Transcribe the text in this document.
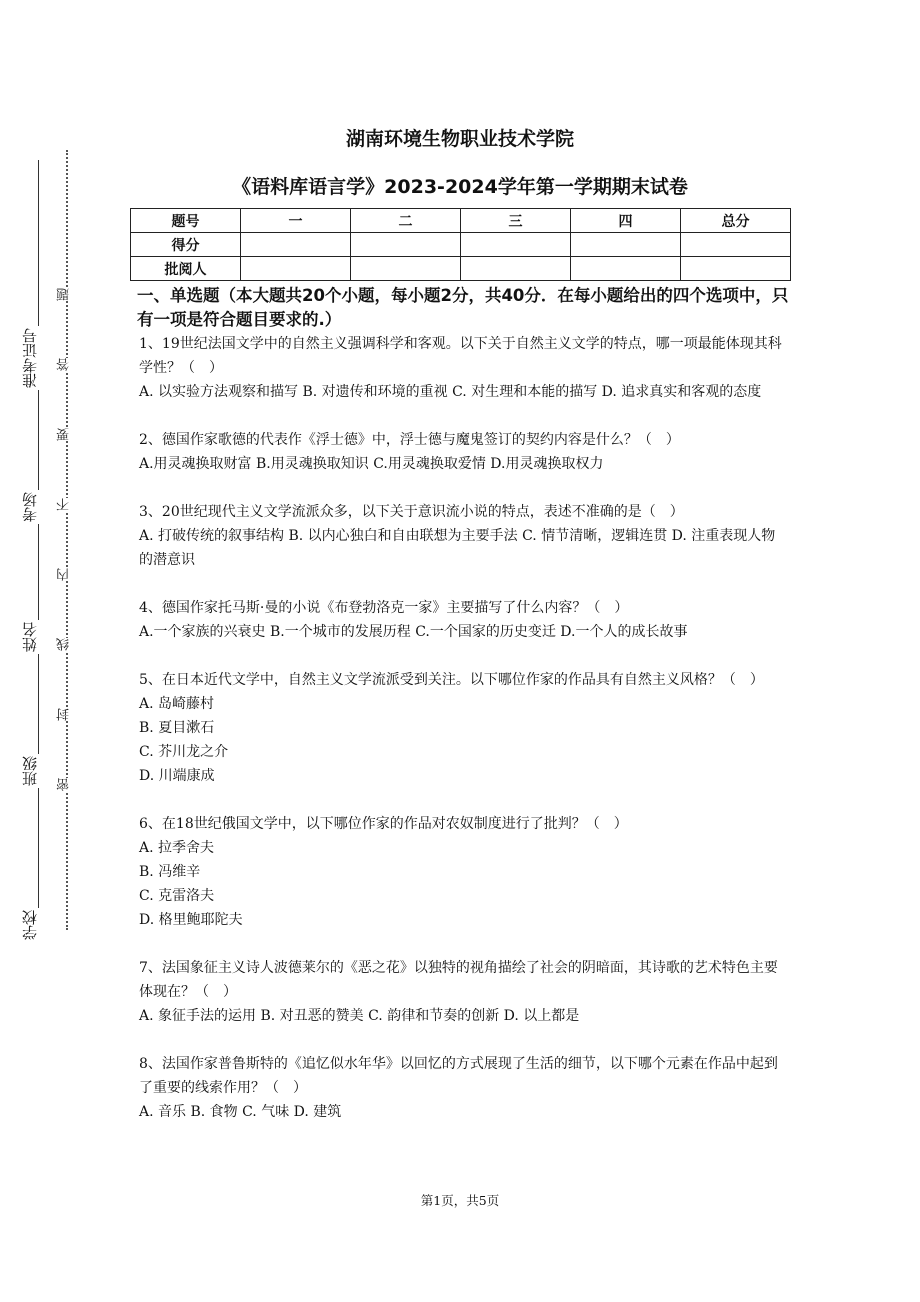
准考证号
考场
姓名
班级
学校
题
答
要
不
内
线
封
密
湖南环境生物职业技术学院
《语料库语言学》2023-2024学年第一学期期末试卷
题号	一	二	三	四	总分
得分					
批阅人					
一、单选题（本大题共20个小题，每小题2分，共40分．在每小题给出的四个选项中，只有一项是符合题目要求的.）

1、19世纪法国文学中的自然主义强调科学和客观。以下关于自然主义文学的特点，哪一项最能体现其科学性？（　）

A. 以实验方法观察和描写 B. 对遗传和环境的重视 C. 对生理和本能的描写 D. 追求真实和客观的态度

2、德国作家歌德的代表作《浮士德》中，浮士德与魔鬼签订的契约内容是什么？（　）

A.用灵魂换取财富 B.用灵魂换取知识 C.用灵魂换取爱情 D.用灵魂换取权力

3、20世纪现代主义文学流派众多，以下关于意识流小说的特点，表述不准确的是（　）

A. 打破传统的叙事结构 B. 以内心独白和自由联想为主要手法 C. 情节清晰，逻辑连贯 D. 注重表现人物的潜意识

4、德国作家托马斯·曼的小说《布登勃洛克一家》主要描写了什么内容？（　）

A.一个家族的兴衰史 B.一个城市的发展历程 C.一个国家的历史变迁 D.一个人的成长故事

5、在日本近代文学中，自然主义文学流派受到关注。以下哪位作家的作品具有自然主义风格？（　）

A. 岛崎藤村

B. 夏目漱石

C. 芥川龙之介

D. 川端康成

6、在18世纪俄国文学中，以下哪位作家的作品对农奴制度进行了批判？（　）

A. 拉季舍夫

B. 冯维辛

C. 克雷洛夫

D. 格里鲍耶陀夫

7、法国象征主义诗人波德莱尔的《恶之花》以独特的视角描绘了社会的阴暗面，其诗歌的艺术特色主要体现在？（　）

A. 象征手法的运用 B. 对丑恶的赞美 C. 韵律和节奏的创新 D. 以上都是

8、法国作家普鲁斯特的《追忆似水年华》以回忆的方式展现了生活的细节，以下哪个元素在作品中起到了重要的线索作用？（　）

A. 音乐 B. 食物 C. 气味 D. 建筑

第1页，共5页
